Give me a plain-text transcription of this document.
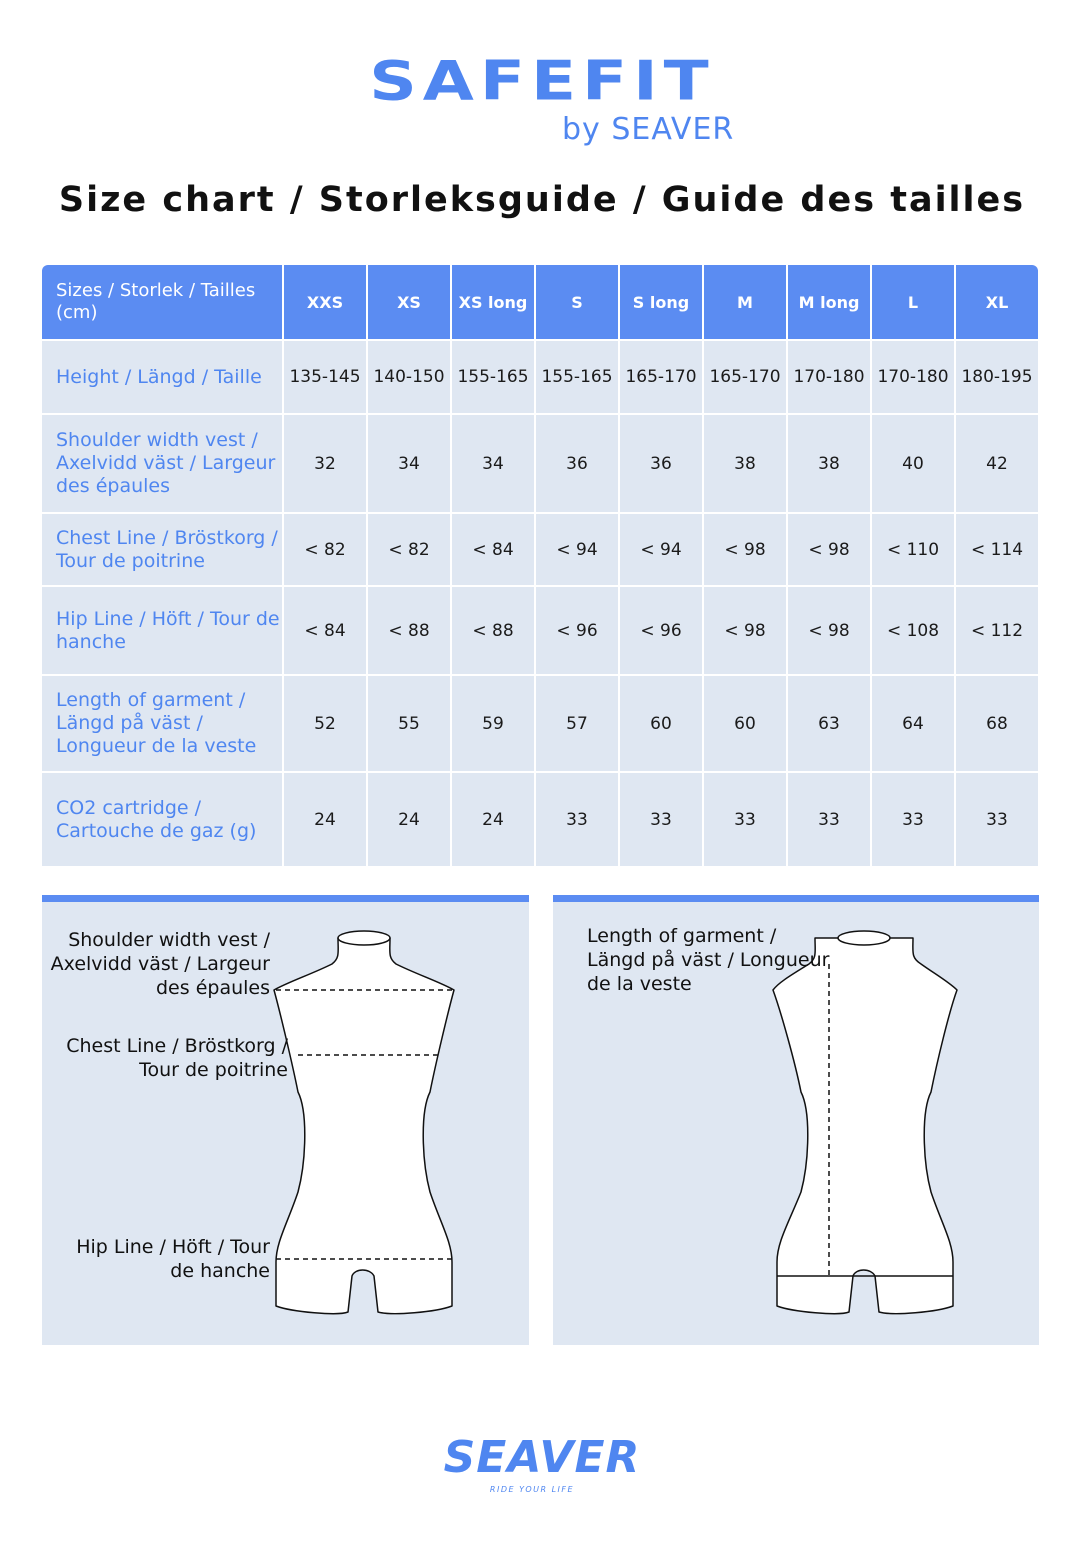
SAFEFIT
by SEAVER
Size chart / Storleksguide / Guide des tailles
Sizes / Storlek / Tailles (cm)	XXS	XS	XS long	S	S long	M	M long	L	XL
Height / Längd / Taille	135-145	140-150	155-165	155-165	165-170	165-170	170-180	170-180	180-195
Shoulder width vest / Axelvidd väst / Largeur des épaules	32	34	34	36	36	38	38	40	42
Chest Line / Bröstkorg / Tour de poitrine	< 82	< 82	< 84	< 94	< 94	< 98	< 98	< 110	< 114
Hip Line / Höft / Tour de hanche	< 84	< 88	< 88	< 96	< 96	< 98	< 98	< 108	< 112
Length of garment / Längd på väst / Longueur de la veste	52	55	59	57	60	60	63	64	68
CO2 cartridge / Cartouche de gaz (g)	24	24	24	33	33	33	33	33	33
Shoulder width vest / Axelvidd väst / Largeur des épaules
Chest Line / Bröstkorg / Tour de poitrine
Hip Line / Höft / Tour de hanche
Length of garment / Längd på väst / Longueur de la veste
SEAVER
RIDE YOUR LIFE
